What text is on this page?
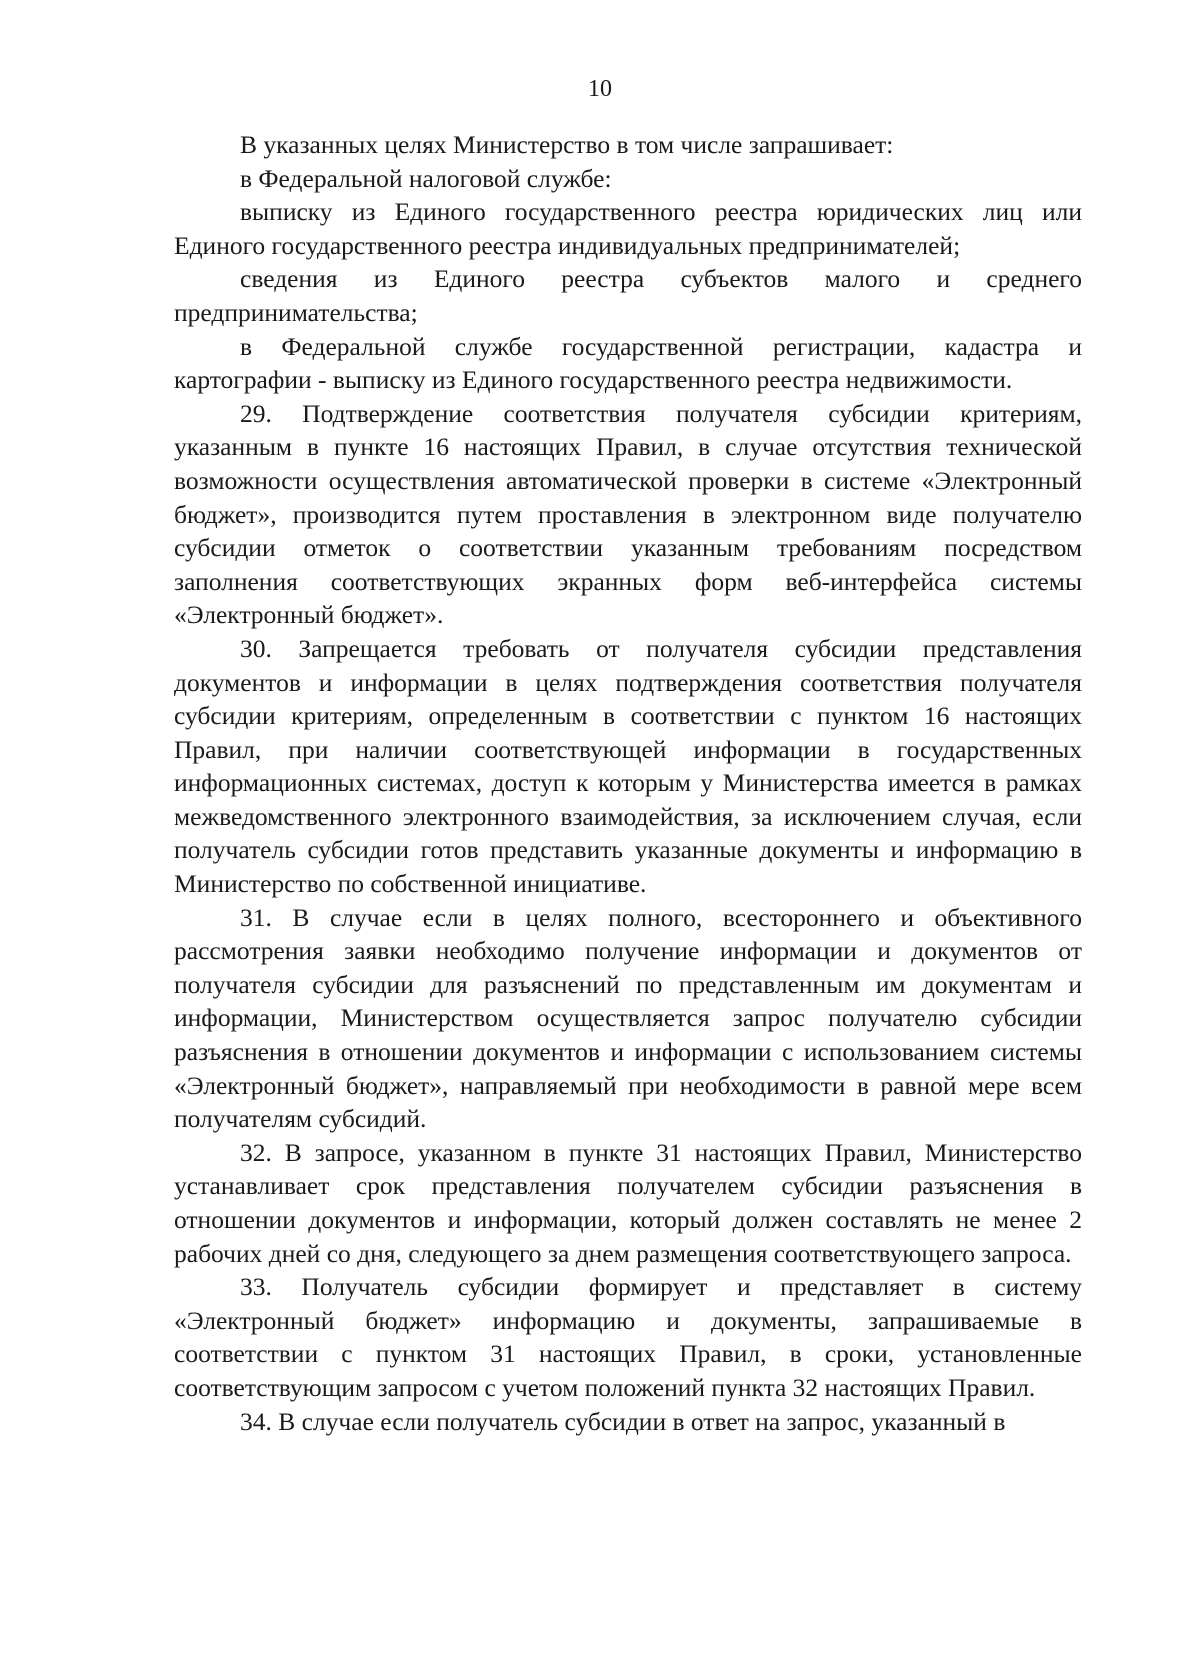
10

В указанных целях Министерство в том числе запрашивает:

в Федеральной налоговой службе:

выписку из Единого государственного реестра юридических лиц или Единого государственного реестра индивидуальных предпринимателей;

сведения из Единого реестра субъектов малого и среднего предпринимательства;

в Федеральной службе государственной регистрации, кадастра и картографии - выписку из Единого государственного реестра недвижимости.

29. Подтверждение соответствия получателя субсидии критериям, указанным в пункте 16 настоящих Правил, в случае отсутствия технической возможности осуществления автоматической проверки в системе «Электронный бюджет», производится путем проставления в электронном виде получателю субсидии отметок о соответствии указанным требованиям посредством заполнения соответствующих экранных форм веб-интерфейса системы «Электронный бюджет».

30. Запрещается требовать от получателя субсидии представления документов и информации в целях подтверждения соответствия получателя субсидии критериям, определенным в соответствии с пунктом 16 настоящих Правил, при наличии соответствующей информации в государственных информационных системах, доступ к которым у Министерства имеется в рамках межведомственного электронного взаимодействия, за исключением случая, если получатель субсидии готов представить указанные документы и информацию в Министерство по собственной инициативе.

31. В случае если в целях полного, всестороннего и объективного рассмотрения заявки необходимо получение информации и документов от получателя субсидии для разъяснений по представленным им документам и информации, Министерством осуществляется запрос получателю субсидии разъяснения в отношении документов и информации с использованием системы «Электронный бюджет», направляемый при необходимости в равной мере всем получателям субсидий.

32. В запросе, указанном в пункте 31 настоящих Правил, Министерство устанавливает срок представления получателем субсидии разъяснения в отношении документов и информации, который должен составлять не менее 2 рабочих дней со дня, следующего за днем размещения соответствующего запроса.

33. Получатель субсидии формирует и представляет в систему «Электронный бюджет» информацию и документы, запрашиваемые в соответствии с пунктом 31 настоящих Правил, в сроки, установленные соответствующим запросом с учетом положений пункта 32 настоящих Правил.

34. В случае если получатель субсидии в ответ на запрос, указанный в
